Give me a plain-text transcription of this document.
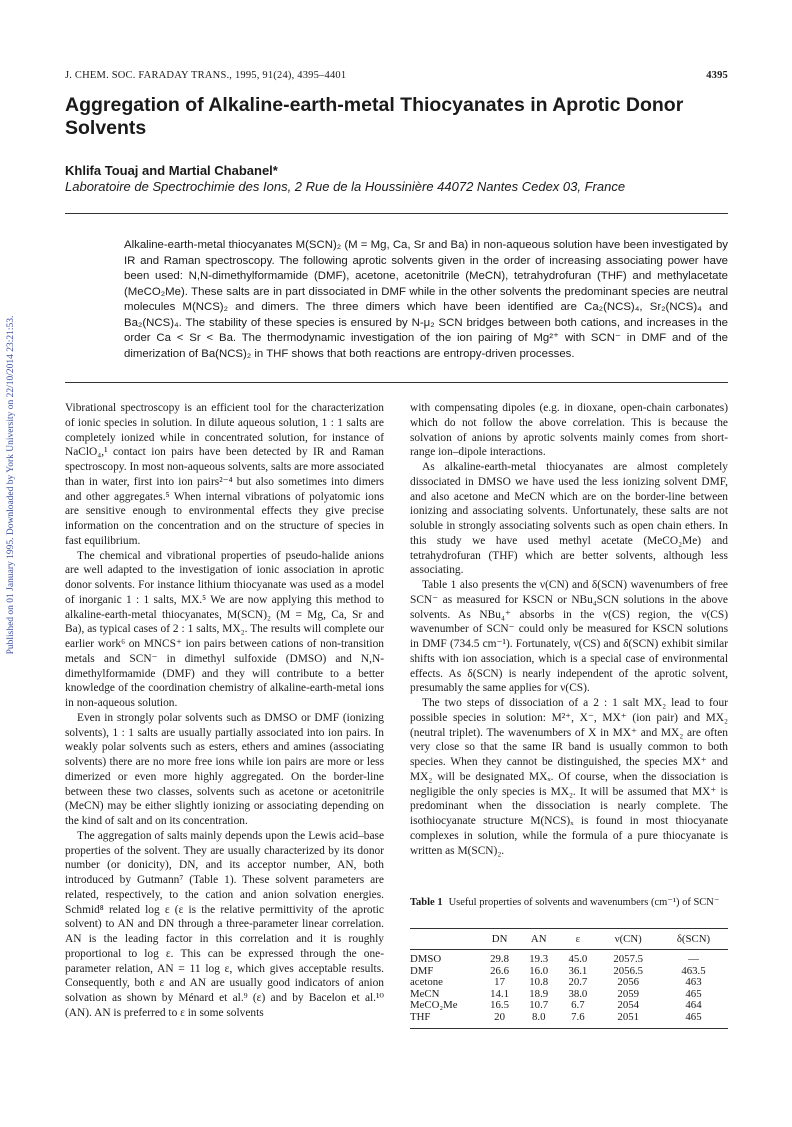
J. CHEM. SOC. FARADAY TRANS., 1995, 91(24), 4395–4401	4395
Aggregation of Alkaline-earth-metal Thiocyanates in Aprotic Donor Solvents
Khlifa Touaj and Martial Chabanel*
Laboratoire de Spectrochimie des Ions, 2 Rue de la Houssinière 44072 Nantes Cedex 03, France

Alkaline-earth-metal thiocyanates M(SCN)₂ (M = Mg, Ca, Sr and Ba) in non-aqueous solution have been investigated by IR and Raman spectroscopy. The following aprotic solvents given in the order of increasing associating power have been used: N,N-dimethylformamide (DMF), acetone, acetonitrile (MeCN), tetrahydrofuran (THF) and methylacetate (MeCO₂Me). These salts are in part dissociated in DMF while in the other solvents the predominant species are neutral molecules M(NCS)₂ and dimers. The three dimers which have been identified are Ca₂(NCS)₄, Sr₂(NCS)₄ and Ba₂(NCS)₄. The stability of these species is ensured by N-μ₂ SCN bridges between both cations, and increases in the order Ca < Sr < Ba. The thermodynamic investigation of the ion pairing of Mg²⁺ with SCN⁻ in DMF and of the dimerization of Ba(NCS)₂ in THF shows that both reactions are entropy-driven processes.

Published on 01 January 1995. Downloaded by York University on 22/10/2014 23:21:53.	Vibrational spectroscopy is an efficient tool for the characterization of ionic species in solution. In dilute aqueous solution, 1 : 1 salts are completely ionized while in concentrated solution, for instance of NaClO₄,¹ contact ion pairs have been detected by IR and Raman spectroscopy. In most non-aqueous solvents, salts are more associated than in water, first into ion pairs²⁻⁴ but also sometimes into dimers and other aggregates.⁵ When internal vibrations of polyatomic ions are sensitive enough to environmental effects they give precise information on the concentration and on the structure of species in fast equilibrium.

The chemical and vibrational properties of pseudo-halide anions are well adapted to the investigation of ionic association in aprotic donor solvents. For instance lithium thiocyanate was used as a model of inorganic 1 : 1 salts, MX.⁵ We are now applying this method to alkaline-earth-metal thiocyanates, M(SCN)₂ (M = Mg, Ca, Sr and Ba), as typical cases of 2 : 1 salts, MX₂. The results will complete our earlier work⁶ on MNCS⁺ ion pairs between cations of non-transition metals and SCN⁻ in dimethyl sulfoxide (DMSO) and N,N-dimethylformamide (DMF) and they will contribute to a better knowledge of the coordination chemistry of alkaline-earth-metal ions in non-aqueous solution.

Even in strongly polar solvents such as DMSO or DMF (ionizing solvents), 1 : 1 salts are usually partially associated into ion pairs. In weakly polar solvents such as esters, ethers and amines (associating solvents) there are no more free ions while ion pairs are more or less dimerized or even more highly aggregated. On the border-line between these two classes, solvents such as acetone or acetonitrile (MeCN) may be either slightly ionizing or associating depending on the kind of salt and on its concentration.

The aggregation of salts mainly depends upon the Lewis acid–base properties of the solvent. They are usually characterized by its donor number (or donicity), DN, and its acceptor number, AN, both introduced by Gutmann⁷ (Table 1). These solvent parameters are related, respectively, to the cation and anion solvation energies. Schmid⁸ related log ε (ε is the relative permittivity of the aprotic solvent) to AN and DN through a three-parameter linear correlation. AN is the leading factor in this correlation and it is roughly proportional to log ε. This can be expressed through the one-parameter relation, AN = 11 log ε, which gives acceptable results. Consequently, both ε and AN are usually good indicators of anion solvation as shown by Ménard et al.⁹ (ε) and by Bacelon et al.¹⁰ (AN). AN is preferred to ε in some solvents

with compensating dipoles (e.g. in dioxane, open-chain carbonates) which do not follow the above correlation. This is because the solvation of anions by aprotic solvents mainly comes from short-range ion–dipole interactions.

As alkaline-earth-metal thiocyanates are almost completely dissociated in DMSO we have used the less ionizing solvent DMF, and also acetone and MeCN which are on the border-line between ionizing and associating solvents. Unfortunately, these salts are not soluble in strongly associating solvents such as open chain ethers. In this study we have used methyl acetate (MeCO₂Me) and tetrahydrofuran (THF) which are better solvents, although less associating.

Table 1 also presents the ν(CN) and δ(SCN) wavenumbers of free SCN⁻ as measured for KSCN or NBu₄SCN solutions in the above solvents. As NBu₄⁺ absorbs in the ν(CS) region, the ν(CS) wavenumber of SCN⁻ could only be measured for KSCN solutions in DMF (734.5 cm⁻¹). Fortunately, ν(CS) and δ(SCN) exhibit similar shifts with ion association, which is a special case of environmental effects. As δ(SCN) is nearly independent of the aprotic solvent, presumably the same applies for ν(CS).

The two steps of dissociation of a 2 : 1 salt MX₂ lead to four possible species in solution: M²⁺, X⁻, MX⁺ (ion pair) and MX₂ (neutral triplet). The wavenumbers of X in MX⁺ and MX₂ are often very close so that the same IR band is usually common to both species. When they cannot be distinguished, the species MX⁺ and MX₂ will be designated MXₓ. Of course, when the dissociation is negligible the only species is MX₂. It will be assumed that MX⁺ is predominant when the dissociation is nearly complete. The isothiocyanate structure M(NCS)ₓ is found in most thiocyanate complexes in solution, while the formula of a pure thiocyanate is written as M(SCN)₂.

Table 1 Useful properties of solvents and wavenumbers (cm⁻¹) of SCN⁻
	DN	AN	ε	ν(CN)	δ(SCN)
DMSO	29.8	19.3	45.0	2057.5	—
DMF	26.6	16.0	36.1	2056.5	463.5
acetone	17	10.8	20.7	2056	463
MeCN	14.1	18.9	38.0	2059	465
MeCO₂Me	16.5	10.7	6.7	2054	464
THF	20	8.0	7.6	2051	465
